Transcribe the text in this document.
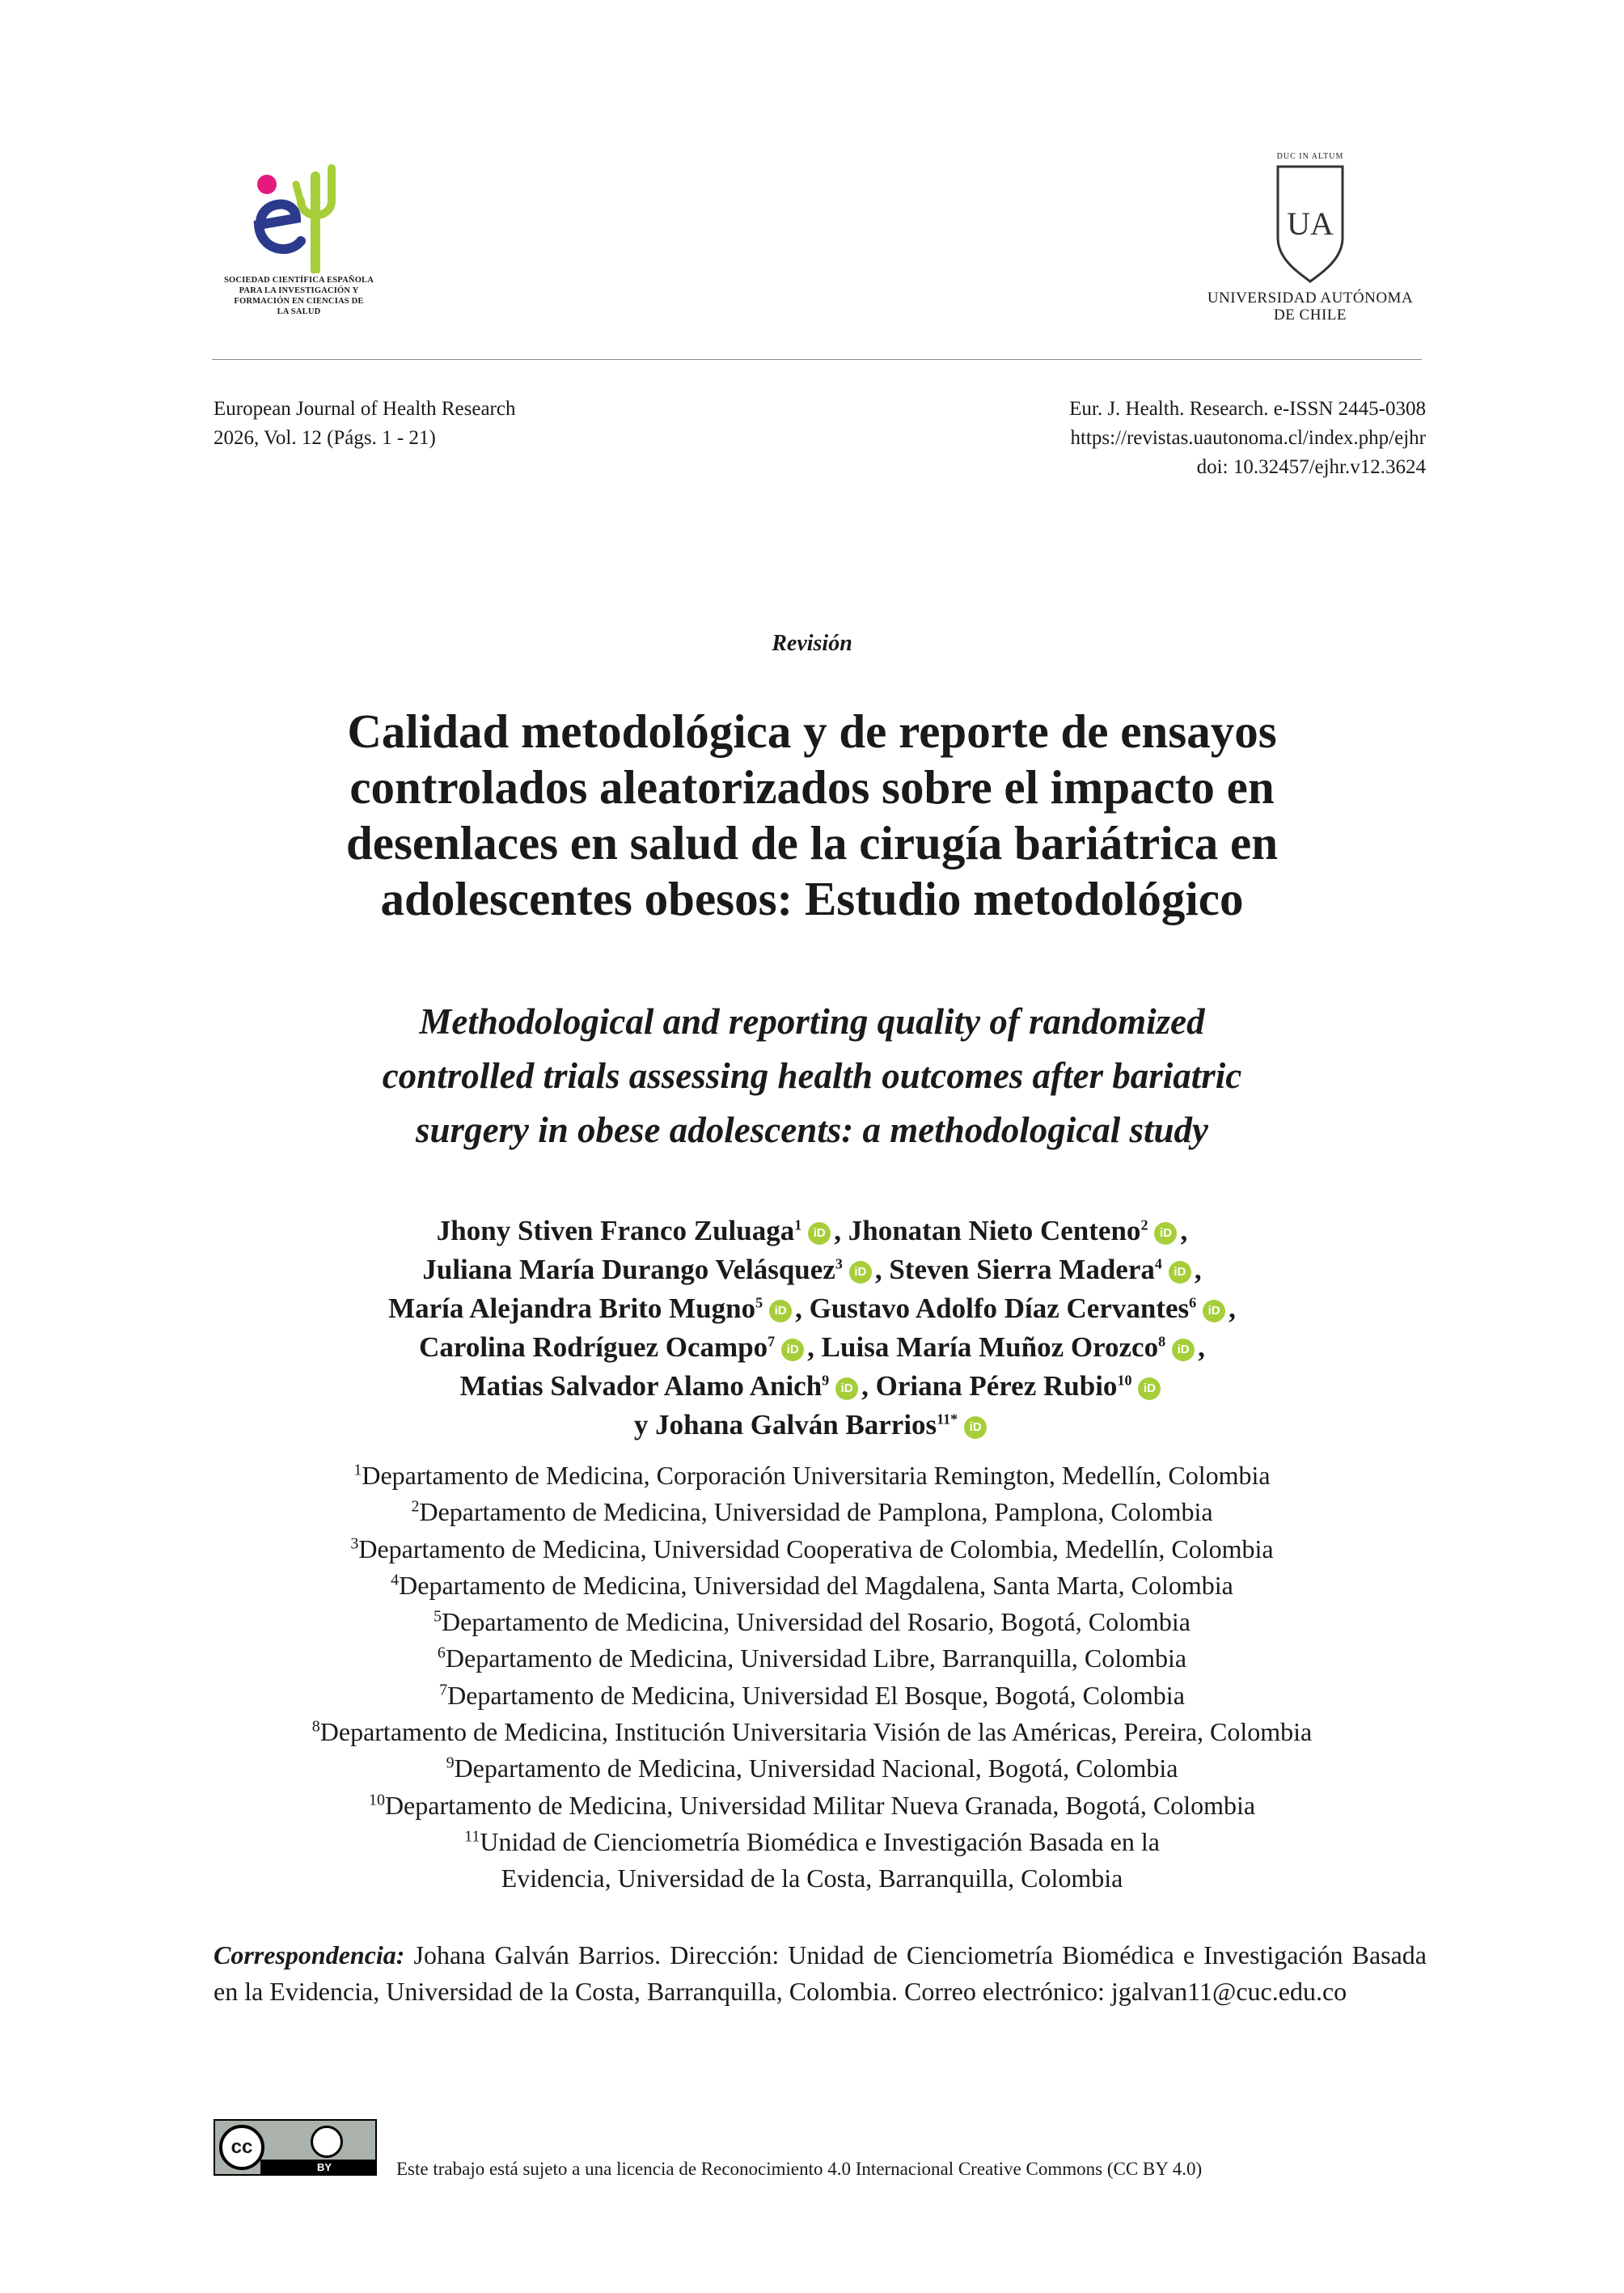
SOCIEDAD CIENTÍFICA ESPAÑOLA
PARA LA INVESTIGACIÓN Y
FORMACIÓN EN CIENCIAS DE
LA SALUD
DUC IN ALTUM
UA
UNIVERSIDAD AUTÓNOMA
DE CHILE
European Journal of Health Research
2026, Vol. 12 (Págs. 1 - 21)
Eur. J. Health. Research. e-ISSN 2445-0308
https://revistas.uautonoma.cl/index.php/ejhr
doi: 10.32457/ejhr.v12.3624
Revisión
Calidad metodológica y de reporte de ensayos
controlados aleatorizados sobre el impacto en
desenlaces en salud de la cirugía bariátrica en
adolescentes obesos: Estudio metodológico
Methodological and reporting quality of randomized
controlled trials assessing health outcomes after bariatric
surgery in obese adolescents: a methodological study
Jhony Stiven Franco Zuluaga$^1$iD , Jhonatan Nieto Centeno$^2$iD ,
Juliana María Durango Velásquez$^3$iD , Steven Sierra Madera$^4$iD ,
María Alejandra Brito Mugno$^5$iD , Gustavo Adolfo Díaz Cervantes$^6$iD ,
Carolina Rodríguez Ocampo$^7$iD , Luisa María Muñoz Orozco$^8$iD ,
Matias Salvador Alamo Anich$^9$iD , Oriana Pérez Rubio$^{10}$iD
y Johana Galván Barrios$^{11*}$iD
$^1$Departamento de Medicina, Corporación Universitaria Remington, Medellín, Colombia
$^2$Departamento de Medicina, Universidad de Pamplona, Pamplona, Colombia
$^3$Departamento de Medicina, Universidad Cooperativa de Colombia, Medellín, Colombia
$^4$Departamento de Medicina, Universidad del Magdalena, Santa Marta, Colombia
$^5$Departamento de Medicina, Universidad del Rosario, Bogotá, Colombia
$^6$Departamento de Medicina, Universidad Libre, Barranquilla, Colombia
$^7$Departamento de Medicina, Universidad El Bosque, Bogotá, Colombia
$^8$Departamento de Medicina, Institución Universitaria Visión de las Américas, Pereira, Colombia
$^9$Departamento de Medicina, Universidad Nacional, Bogotá, Colombia
$^{10}$Departamento de Medicina, Universidad Militar Nueva Granada, Bogotá, Colombia
$^{11}$Unidad de Cienciometría Biomédica e Investigación Basada en la
Evidencia, Universidad de la Costa, Barranquilla, Colombia
Correspondencia: Johana Galván Barrios. Dirección: Unidad de Cienciometría Biomédica e Investigación Basada en la Evidencia, Universidad de la Costa, Barranquilla, Colombia. Correo electrónico: jgalvan11@cuc.edu.co
cc
BY	Este trabajo está sujeto a una licencia de Reconocimiento 4.0 Internacional Creative Commons (CC BY 4.0)
